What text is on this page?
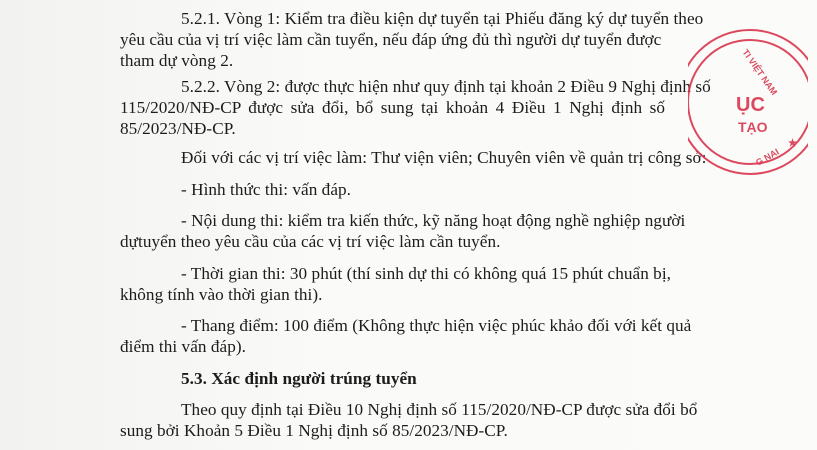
5.2.1. Vòng 1: Kiểm tra điều kiện dự tuyển tại Phiếu đăng ký dự tuyển theo
yêu cầu của vị trí việc làm cần tuyển, nếu đáp ứng đủ thì người dự tuyển được
tham dự vòng 2.
5.2.2. Vòng 2: được thực hiện như quy định tại khoản 2 Điều 9 Nghị định số
115/2020/NĐ-CP được sửa đổi, bổ sung tại khoản 4 Điều 1 Nghị định số
85/2023/NĐ-CP.
Đối với các vị trí việc làm: Thư viện viên; Chuyên viên về quản trị công sở:
- Hình thức thi: vấn đáp.
- Nội dung thi: kiểm tra kiến thức, kỹ năng hoạt động nghề nghiệp người
dựtuyển theo yêu cầu của các vị trí việc làm cần tuyển.
- Thời gian thi: 30 phút (thí sinh dự thi có không quá 15 phút chuẩn bị,
không tính vào thời gian thi).
- Thang điểm: 100 điểm (Không thực hiện việc phúc khảo đối với kết quả
điểm thi vấn đáp).
5.3. Xác định người trúng tuyển
Theo quy định tại Điều 10 Nghị định số 115/2020/NĐ-CP được sửa đổi bổ
sung bởi Khoản 5 Điều 1 Nghị định số 85/2023/NĐ-CP.
TI VIỆT NAM
ỤC
TẠO
G NAI
★
